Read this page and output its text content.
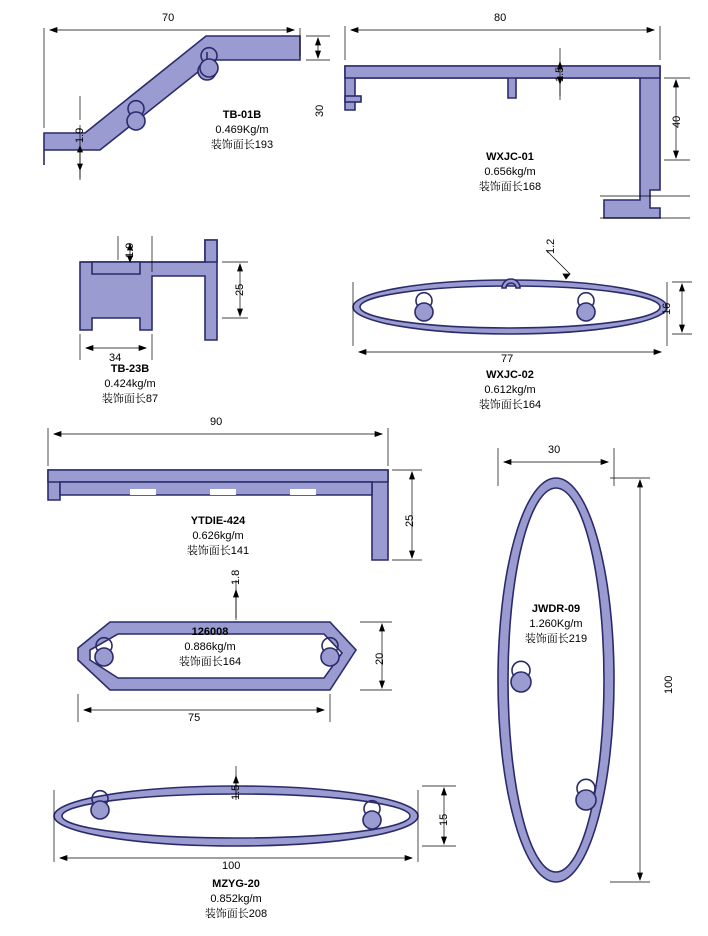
70
30
1.9
TB-01B
0.469Kg/m
装饰面长193
80
40
1.5
WXJC-01
0.656kg/m
装饰面长168
1.9
25
34
TB-23B
0.424kg/m
装饰面长87
77
16
1.2
WXJC-02
0.612kg/m
装饰面长164
90
25
YTDIE-424
0.626kg/m
装饰面长141
1.8
20
75
126008
0.886kg/m
装饰面长164
30
100
JWDR-09
1.260Kg/m
装饰面长219
1.5
100
15
MZYG-20
0.852kg/m
装饰面长208
